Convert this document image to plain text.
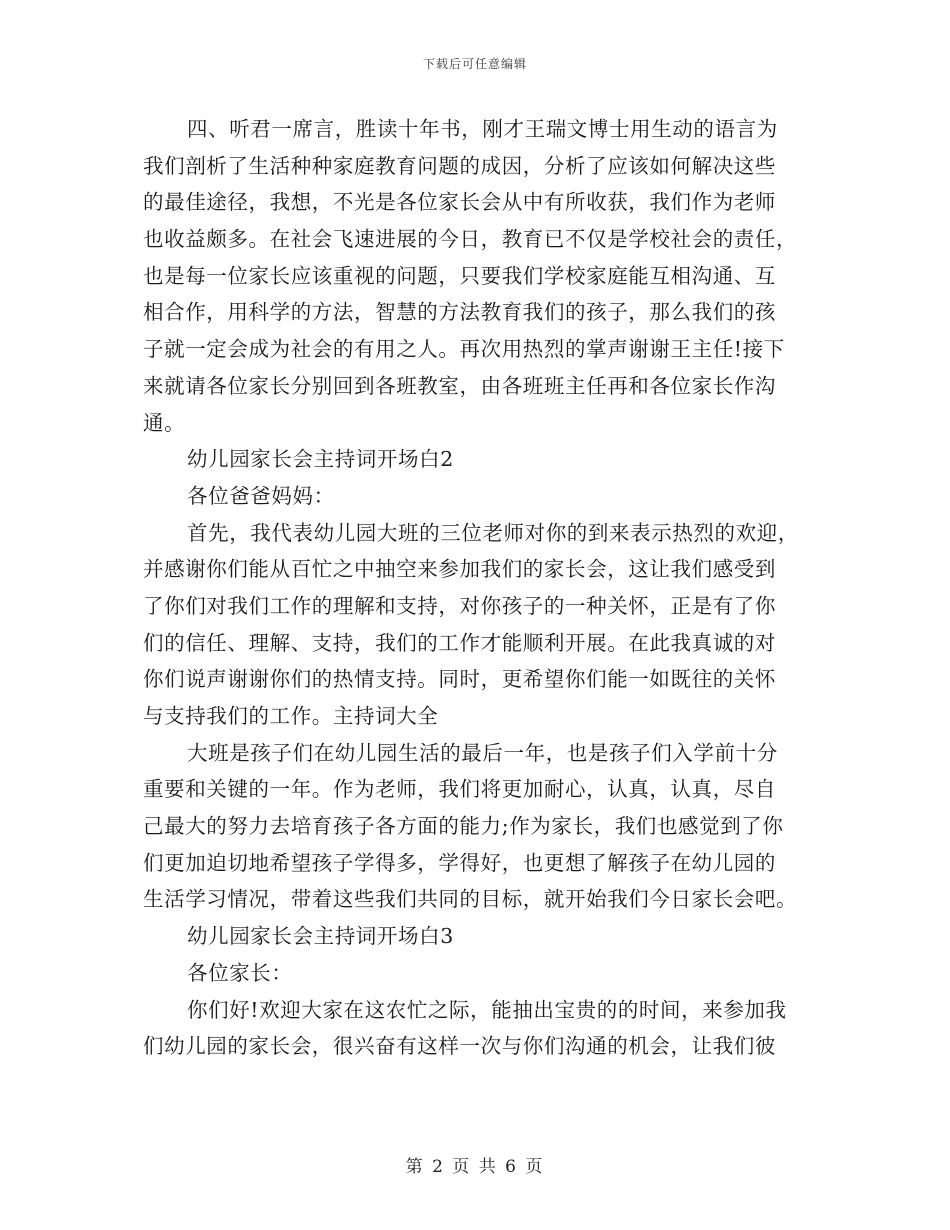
下载后可任意编辑
四、听君一席言，胜读十年书，刚才王瑞文博士用生动的语言为
我们剖析了生活种种家庭教育问题的成因，分析了应该如何解决这些
的最佳途径，我想，不光是各位家长会从中有所收获，我们作为老师
也收益颇多。在社会飞速进展的今日，教育已不仅是学校社会的责任，
也是每一位家长应该重视的问题，只要我们学校家庭能互相沟通、互
相合作，用科学的方法，智慧的方法教育我们的孩子，那么我们的孩
子就一定会成为社会的有用之人。再次用热烈的掌声谢谢王主任!接下
来就请各位家长分别回到各班教室，由各班班主任再和各位家长作沟
通。
幼儿园家长会主持词开场白2
各位爸爸妈妈：
首先，我代表幼儿园大班的三位老师对你的到来表示热烈的欢迎，
并感谢你们能从百忙之中抽空来参加我们的家长会，这让我们感受到
了你们对我们工作的理解和支持，对你孩子的一种关怀，正是有了你
们的信任、理解、支持，我们的工作才能顺利开展。在此我真诚的对
你们说声谢谢你们的热情支持。同时，更希望你们能一如既往的关怀
与支持我们的工作。主持词大全
大班是孩子们在幼儿园生活的最后一年，也是孩子们入学前十分
重要和关键的一年。作为老师，我们将更加耐心，认真，认真，尽自
己最大的努力去培育孩子各方面的能力;作为家长，我们也感觉到了你
们更加迫切地希望孩子学得多，学得好，也更想了解孩子在幼儿园的
生活学习情况，带着这些我们共同的目标，就开始我们今日家长会吧。
幼儿园家长会主持词开场白3
各位家长：
你们好!欢迎大家在这农忙之际，能抽出宝贵的的时间，来参加我
们幼儿园的家长会，很兴奋有这样一次与你们沟通的机会，让我们彼
第 2 页 共 6 页
